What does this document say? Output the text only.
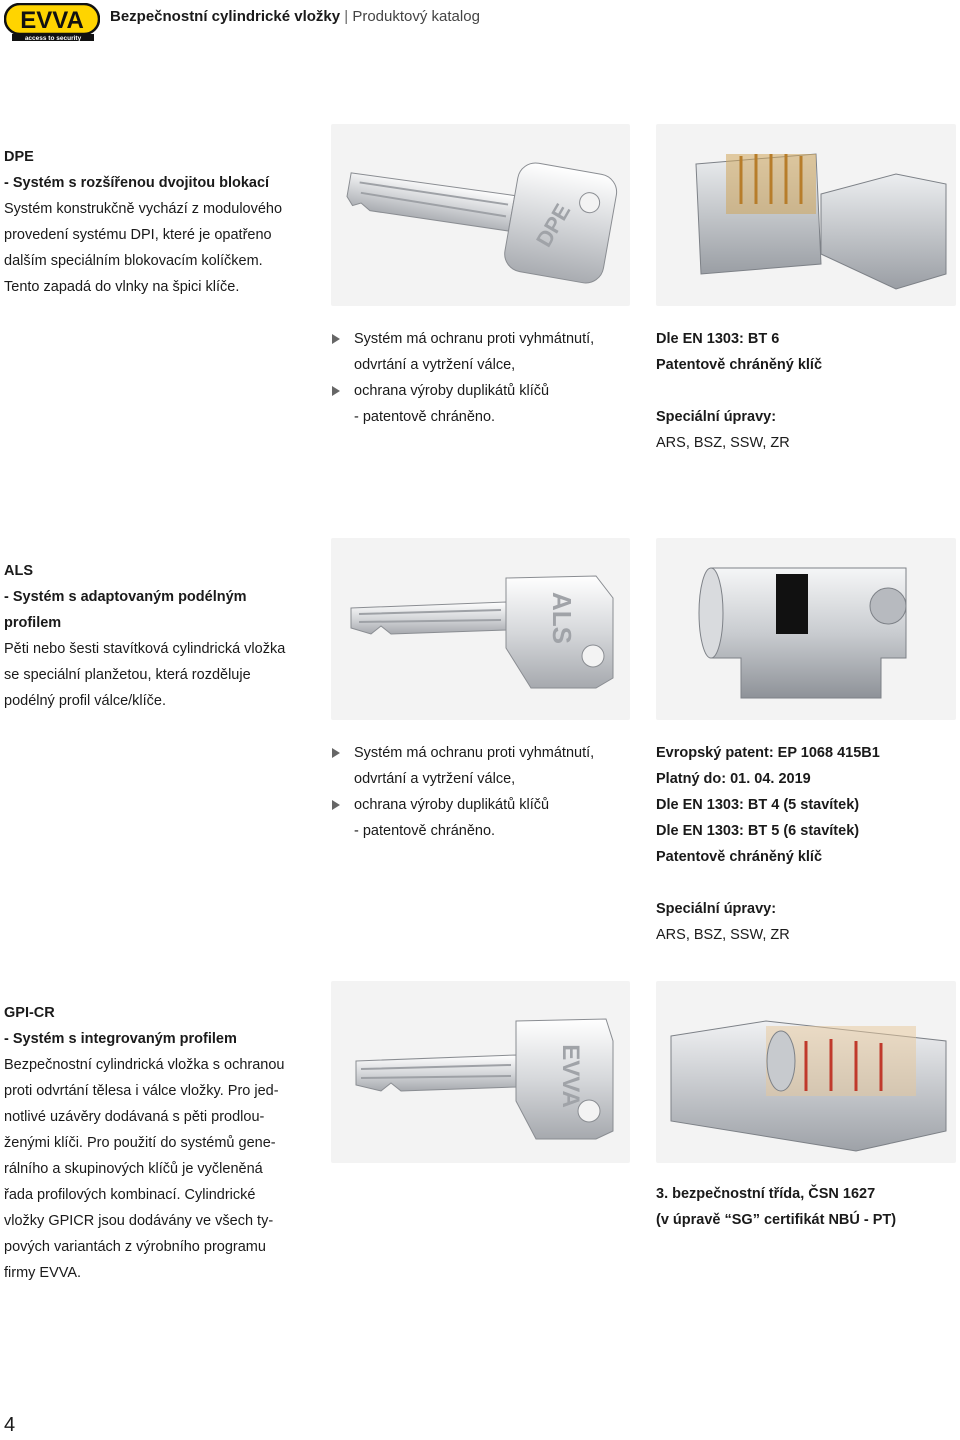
EVVA
access to security
Bezpečnostní cylindrické vložky | Produktový katalog
DPE
- Systém s rozšířenou dvojitou blokací
Systém konstrukčně vychází z modulového
provedení systému DPI, které je opatřeno
dalším speciálním blokovacím kolíčkem.
Tento zapadá do vlnky na špici klíče.
DPE
Systém má ochranu proti vyhmátnutí,
odvrtání a vytržení válce,
ochrana výroby duplikátů klíčů
- patentově chráněno.
Dle EN 1303: BT 6
Patentově chráněný klíč
Speciální úpravy:
ARS, BSZ, SSW, ZR
ALS
- Systém s adaptovaným podélným
profilem
Pěti nebo šesti stavítková cylindrická vložka
se speciální planžetou, která rozděluje
podélný profil válce/klíče.
ALS
Systém má ochranu proti vyhmátnutí,
odvrtání a vytržení válce,
ochrana výroby duplikátů klíčů
- patentově chráněno.
Evropský patent: EP 1068 415B1
Platný do: 01. 04. 2019
Dle EN 1303: BT 4 (5 stavítek)
Dle EN 1303: BT 5 (6 stavítek)
Patentově chráněný klíč
Speciální úpravy:
ARS, BSZ, SSW, ZR
GPI-CR
- Systém s integrovaným profilem
Bezpečnostní cylindrická vložka s ochranou
proti odvrtání tělesa i válce vložky. Pro jed-
notlivé uzávěry dodávaná s pěti prodlou-
ženými klíči. Pro použití do systémů gene-
rálního a skupinových klíčů je vyčleněná
řada profilových kombinací. Cylindrické
vložky GPICR jsou dodávány ve všech ty-
pových variantách z výrobního programu
firmy EVVA.
EVVA
3. bezpečnostní třída, ČSN 1627
(v úpravě “SG” certifikát NBÚ - PT)
4
